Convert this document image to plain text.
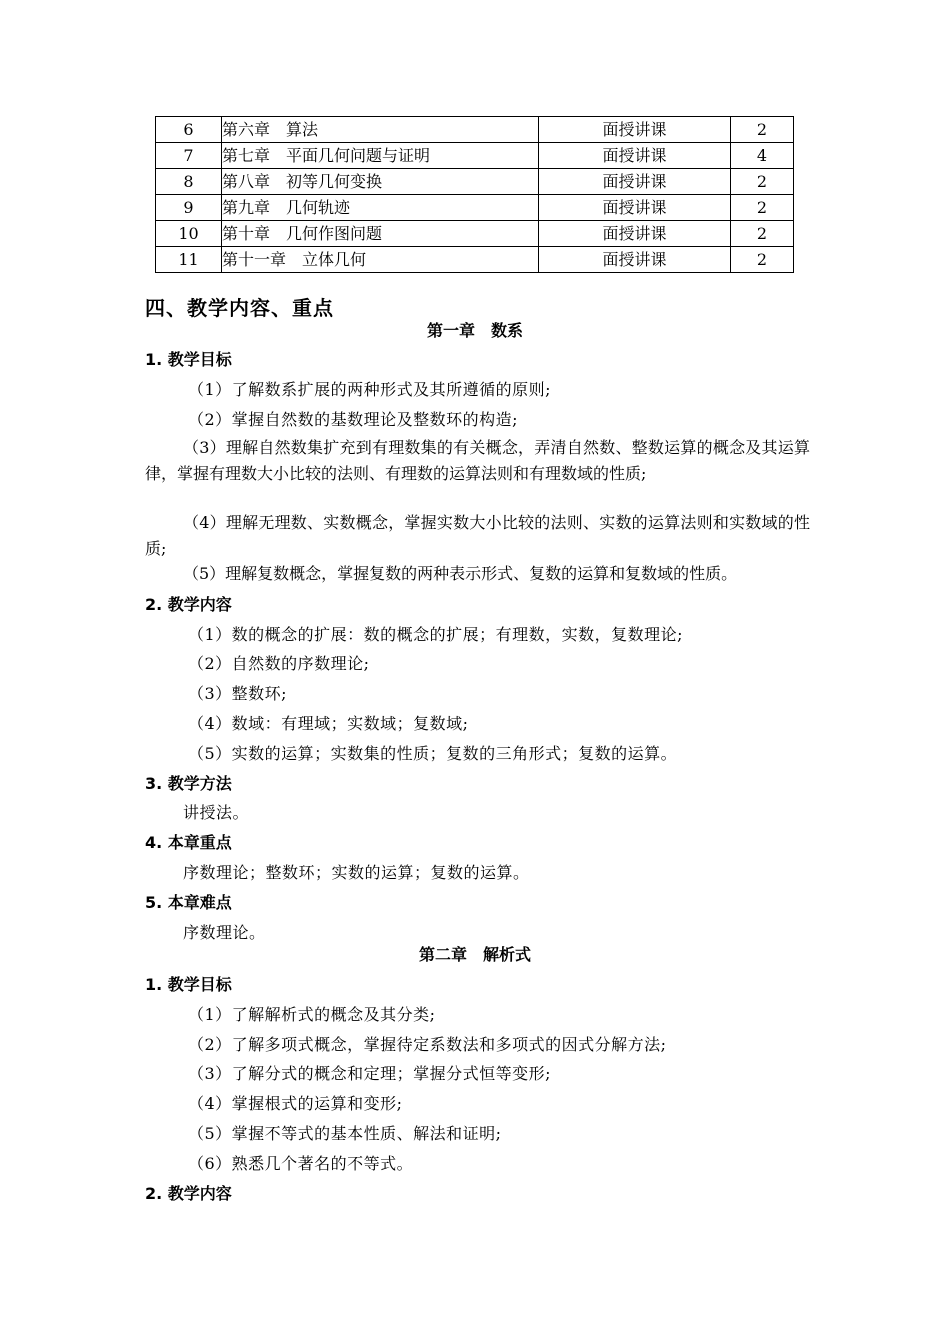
6	第六章　算法	面授讲课	2
7	第七章　平面几何问题与证明	面授讲课	4
8	第八章　初等几何变换	面授讲课	2
9	第九章　几何轨迹	面授讲课	2
10	第十章　几何作图问题	面授讲课	2
11	第十一章　立体几何	面授讲课	2
四、教学内容、重点
第一章　数系
1. 教学目标
（1）了解数系扩展的两种形式及其所遵循的原则;
（2）掌握自然数的基数理论及整数环的构造;
（3）理解自然数集扩充到有理数集的有关概念，弄清自然数、整数运算的概念及其运算律，掌握有理数大小比较的法则、有理数的运算法则和有理数域的性质;
（4）理解无理数、实数概念，掌握实数大小比较的法则、实数的运算法则和实数域的性质;
（5）理解复数概念，掌握复数的两种表示形式、复数的运算和复数域的性质。
2. 教学内容
（1）数的概念的扩展：数的概念的扩展；有理数，实数，复数理论;
（2）自然数的序数理论;
（3）整数环;
（4）数域：有理域；实数域；复数域;
（5）实数的运算；实数集的性质；复数的三角形式；复数的运算。
3. 教学方法
讲授法。
4. 本章重点
序数理论；整数环；实数的运算；复数的运算。
5. 本章难点
序数理论。
第二章　解析式
1. 教学目标
（1）了解解析式的概念及其分类;
（2）了解多项式概念，掌握待定系数法和多项式的因式分解方法;
（3）了解分式的概念和定理；掌握分式恒等变形;
（4）掌握根式的运算和变形;
（5）掌握不等式的基本性质、解法和证明;
（6）熟悉几个著名的不等式。
2. 教学内容
